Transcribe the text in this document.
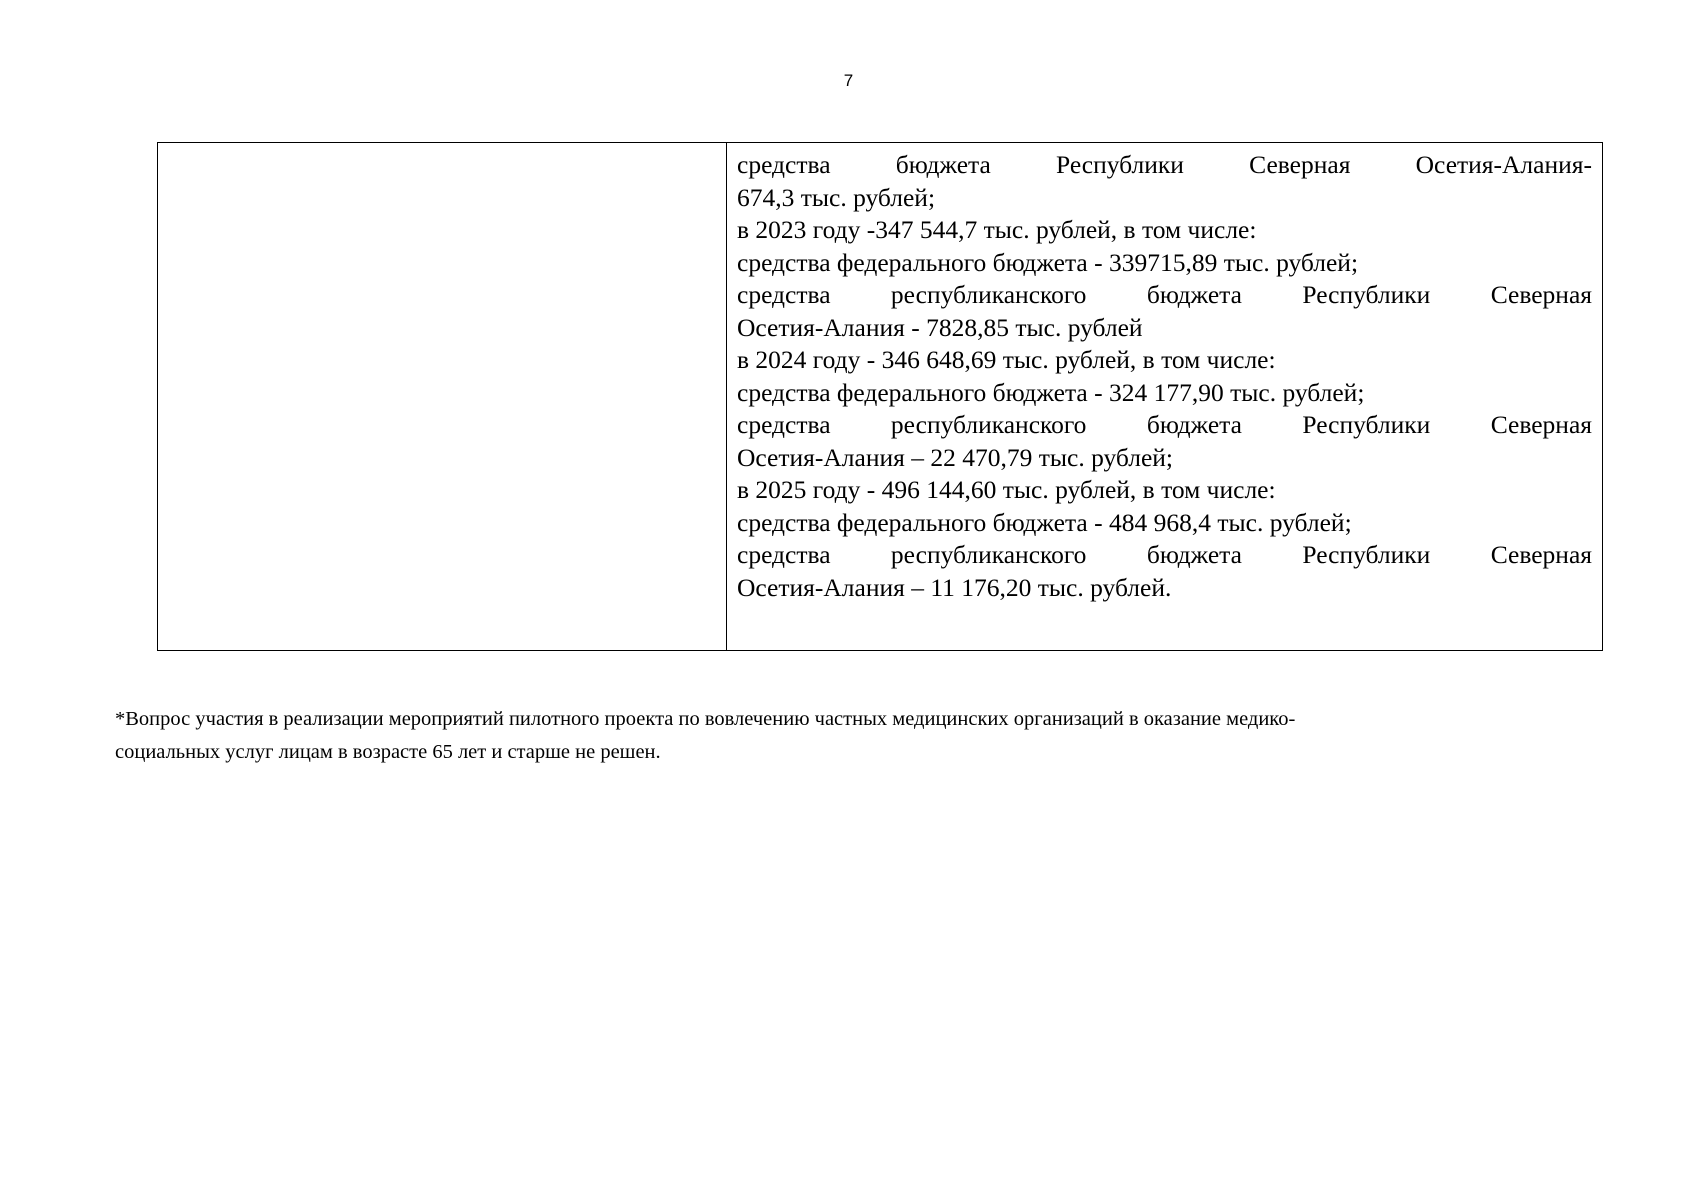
7
средства бюджета Республики Северная Осетия-Алания-
674,3 тыс. рублей;
в 2023 году -347 544,7 тыс. рублей, в том числе:
средства федерального бюджета - 339715,89 тыс. рублей;
средства республиканского бюджета Республики Северная
Осетия-Алания - 7828,85 тыс. рублей
в 2024 году - 346 648,69 тыс. рублей, в том числе:
средства федерального бюджета - 324 177,90 тыс. рублей;
средства республиканского бюджета Республики Северная
Осетия-Алания – 22 470,79 тыс. рублей;
в 2025 году - 496 144,60 тыс. рублей, в том числе:
средства федерального бюджета - 484 968,4 тыс. рублей;
средства республиканского бюджета Республики Северная
Осетия-Алания – 11 176,20 тыс. рублей.
*Вопрос участия в реализации мероприятий пилотного проекта по вовлечению частных медицинских организаций в оказание медико-
социальных услуг лицам в возрасте 65 лет и старше не решен.
